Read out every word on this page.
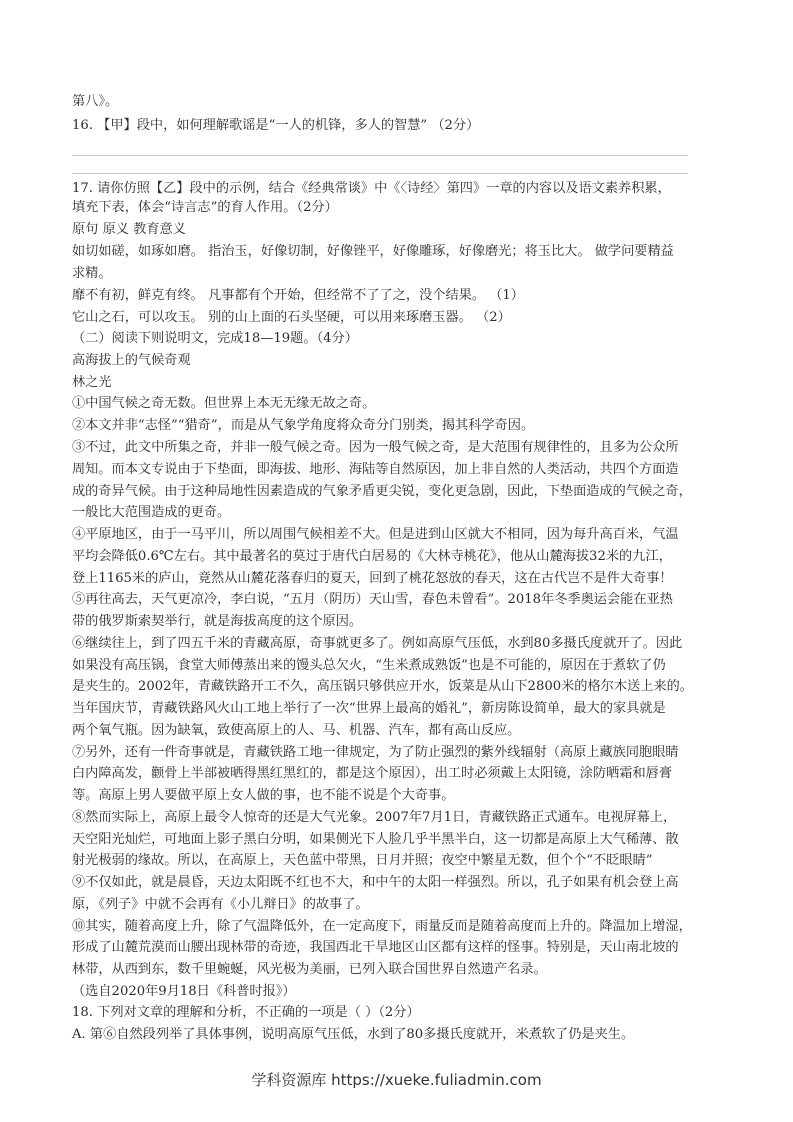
第八》。
16. 【甲】段中，如何理解歌谣是“一人的机锋，多人的智慧” （2分）
17. 请你仿照【乙】段中的示例，结合《经典常谈》中《〈诗经〉第四》一章的内容以及语文素养积累，
填充下表，体会“诗言志”的育人作用。（2分）
原句 原义 教育意义
如切如磋，如琢如磨。 指治玉，好像切制，好像锉平，好像雕琢，好像磨光；将玉比大。 做学问要精益
求精。
靡不有初，鲜克有终。 凡事都有个开始，但经常不了了之，没个结果。 （1）
它山之石，可以攻玉。 别的山上面的石头坚硬，可以用来琢磨玉器。 （2）
（二）阅读下则说明文，完成18—19题。（4分）
高海拔上的气候奇观
林之光
①中国气候之奇无数。但世界上本无无缘无故之奇。
②本文并非“志怪”“猎奇”，而是从气象学角度将众奇分门别类，揭其科学奇因。
③不过，此文中所集之奇，并非一般气候之奇。因为一般气候之奇，是大范围有规律性的，且多为公众所
周知。而本文专说由于下垫面，即海拔、地形、海陆等自然原因，加上非自然的人类活动，共四个方面造
成的奇异气候。由于这种局地性因素造成的气象矛盾更尖锐，变化更急剧，因此，下垫面造成的气候之奇，
一般比大范围造成的更奇。
④平原地区，由于一马平川，所以周围气候相差不大。但是进到山区就大不相同，因为每升高百米，气温
平均会降低0.6℃左右。其中最著名的莫过于唐代白居易的《大林寺桃花》，他从山麓海拔32米的九江，
登上1165米的庐山，竟然从山麓花落春归的夏天，回到了桃花怒放的春天，这在古代岂不是件大奇事！
⑤再往高去，天气更凉冷，李白说，“五月（阴历）天山雪，春色未曾看”。2018年冬季奥运会能在亚热
带的俄罗斯索契举行，就是海拔高度的这个原因。
⑥继续往上，到了四五千米的青藏高原，奇事就更多了。例如高原气压低，水到80多摄氏度就开了。因此
如果没有高压锅，食堂大师傅蒸出来的馒头总欠火，“生米煮成熟饭”也是不可能的，原因在于煮软了仍
是夹生的。2002年，青藏铁路开工不久，高压锅只够供应开水，饭菜是从山下2800米的格尔木送上来的。
当年国庆节，青藏铁路风火山工地上举行了一次“世界上最高的婚礼”，新房陈设简单，最大的家具就是
两个氧气瓶。因为缺氧，致使高原上的人、马、机器、汽车，都有高山反应。
⑦另外，还有一件奇事就是，青藏铁路工地一律规定，为了防止强烈的紫外线辐射（高原上藏族同胞眼睛
白内障高发，颧骨上半部被晒得黑红黑红的，都是这个原因），出工时必须戴上太阳镜，涂防晒霜和唇膏
等。高原上男人要做平原上女人做的事，也不能不说是个大奇事。
⑧然而实际上，高原上最令人惊奇的还是大气光象。2007年7月1日，青藏铁路正式通车。电视屏幕上，
天空阳光灿烂，可地面上影子黑白分明，如果侧光下人脸几乎半黑半白，这一切都是高原上大气稀薄、散
射光极弱的缘故。所以，在高原上，天色蓝中带黑，日月并照；夜空中繁星无数，但个个“不眨眼睛”
⑨不仅如此，就是晨昏，天边太阳既不红也不大，和中午的太阳一样强烈。所以，孔子如果有机会登上高
原，《列子》中就不会再有《小儿辩日》的故事了。
⑩其实，随着高度上升，除了气温降低外，在一定高度下，雨量反而是随着高度而上升的。降温加上增湿，
形成了山麓荒漠而山腰出现林带的奇迹，我国西北干旱地区山区都有这样的怪事。特别是，天山南北坡的
林带，从西到东，数千里蜿蜒，风光极为美丽，已列入联合国世界自然遗产名录。
（选自2020年9月18日《科普时报》）
18. 下列对文章的理解和分析，不正确的一项是（ ）（2分）
A. 第⑥自然段列举了具体事例，说明高原气压低，水到了80多摄氏度就开，米煮软了仍是夹生。
学科资源库 https://xueke.fuliadmin.com
